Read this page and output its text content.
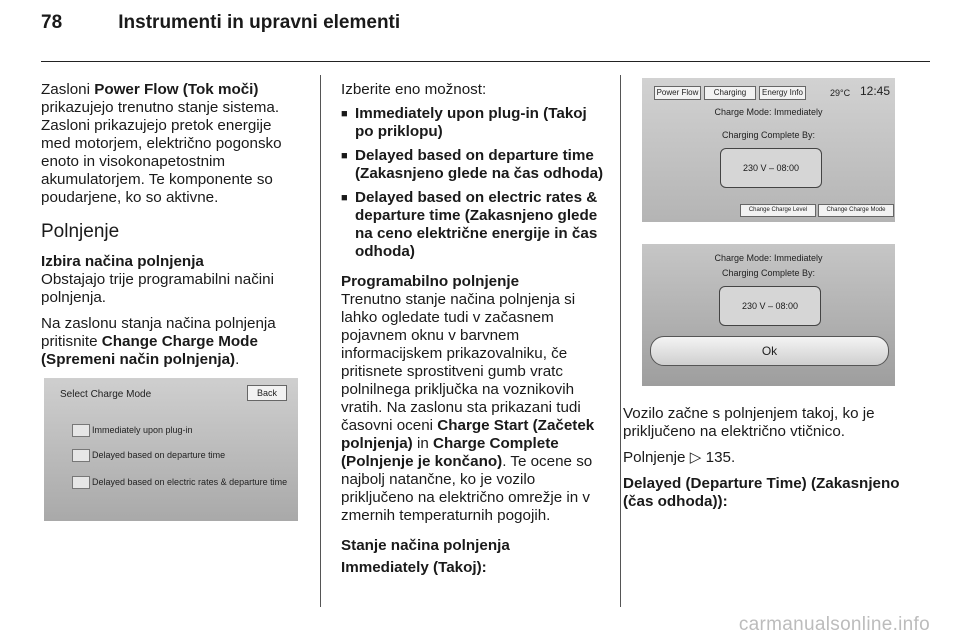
78	Instrumenti in upravni elementi

Zasloni Power Flow (Tok moči) prikazujejo trenutno stanje sistema. Zasloni prikazujejo pretok energije med motorjem, električno pogonsko enoto in visokonapetostnim akumulatorjem. Te komponente so poudarjene, ko so aktivne.

Polnjenje
Izbira načina polnjenja

Obstajajo trije programabilni načini polnjenja.

Na zaslonu stanja načina polnjenja pritisnite Change Charge Mode (Spremeni način polnjenja).

Select Charge Mode	Back
Immediately upon plug-in
Delayed based on departure time
Delayed based on electric rates & departure time

Izberite eno možnost:

■ Immediately upon plug-in (Takoj po priklopu)
■ Delayed based on departure time (Zakasnjeno glede na čas odhoda)
■ Delayed based on electric rates & departure time (Zakasnjeno glede na ceno električne energije in čas odhoda)
Programabilno polnjenje

Trenutno stanje načina polnjenja si lahko ogledate tudi v začasnem pojavnem oknu v barvnem informacijskem prikazovalniku, če pritisnete sprostitveni gumb vratc polnilnega priključka na voznikovih vratih. Na zaslonu sta prikazani tudi časovni oceni Charge Start (Začetek polnjenja) in Charge Complete (Polnjenje je končano). Te ocene so najbolj natančne, ko je vozilo priključeno na električno omrežje in v zmernih temperaturnih pogojih.

Stanje načina polnjenja
Immediately (Takoj):
Power Flow	Charging	Energy Info	29°C 12:45
Charge Mode: Immediately
Charging Complete By:
230 V – 08:00
Change Charge Level	Change Charge Mode
Charge Mode: Immediately
Charging Complete By:
230 V – 08:00
Ok

Vozilo začne s polnjenjem takoj, ko je priključeno na električno vtičnico.

Polnjenje ▷ 135.

Delayed (Departure Time) (Zakasnjeno (čas odhoda)):
carmanualsonline.info
